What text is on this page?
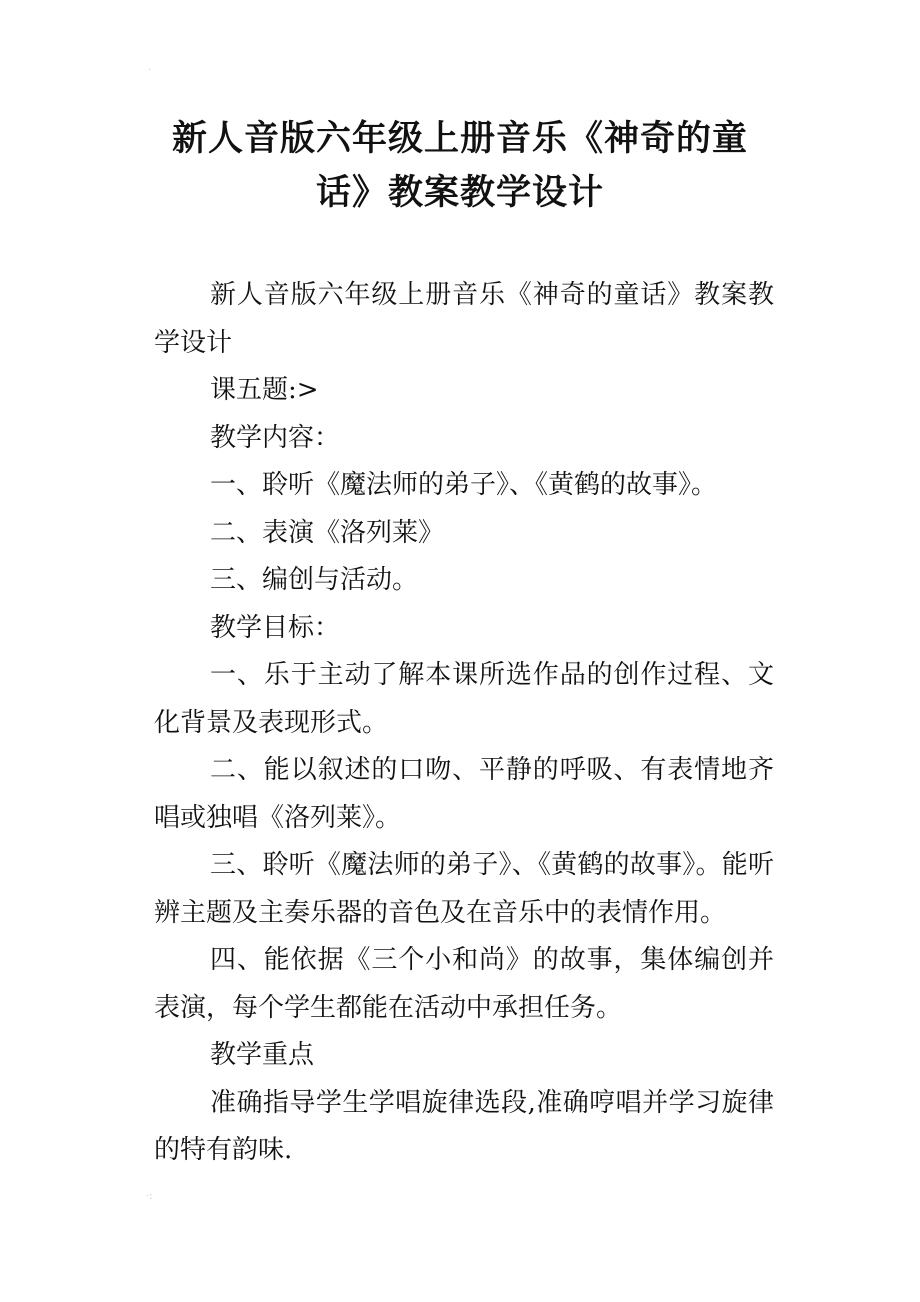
·
新人音版六年级上册音乐《神奇的童
话》教案教学设计

新人音版六年级上册音乐《神奇的童话》教案教学设计

课五题:>

教学内容：

一、聆听《魔法师的弟子》、《黄鹤的故事》。

二、表演《洛列莱》

三、编创与活动。

教学目标：

一、乐于主动了解本课所选作品的创作过程、文化背景及表现形式。

二、能以叙述的口吻、平静的呼吸、有表情地齐唱或独唱《洛列莱》。

三、聆听《魔法师的弟子》、《黄鹤的故事》。能听辨主题及主奏乐器的音色及在音乐中的表情作用。

四、能依据《三个小和尚》的故事，集体编创并表演，每个学生都能在活动中承担任务。

教学重点

准确指导学生学唱旋律选段,准确哼唱并学习旋律的特有韵味.

·:
